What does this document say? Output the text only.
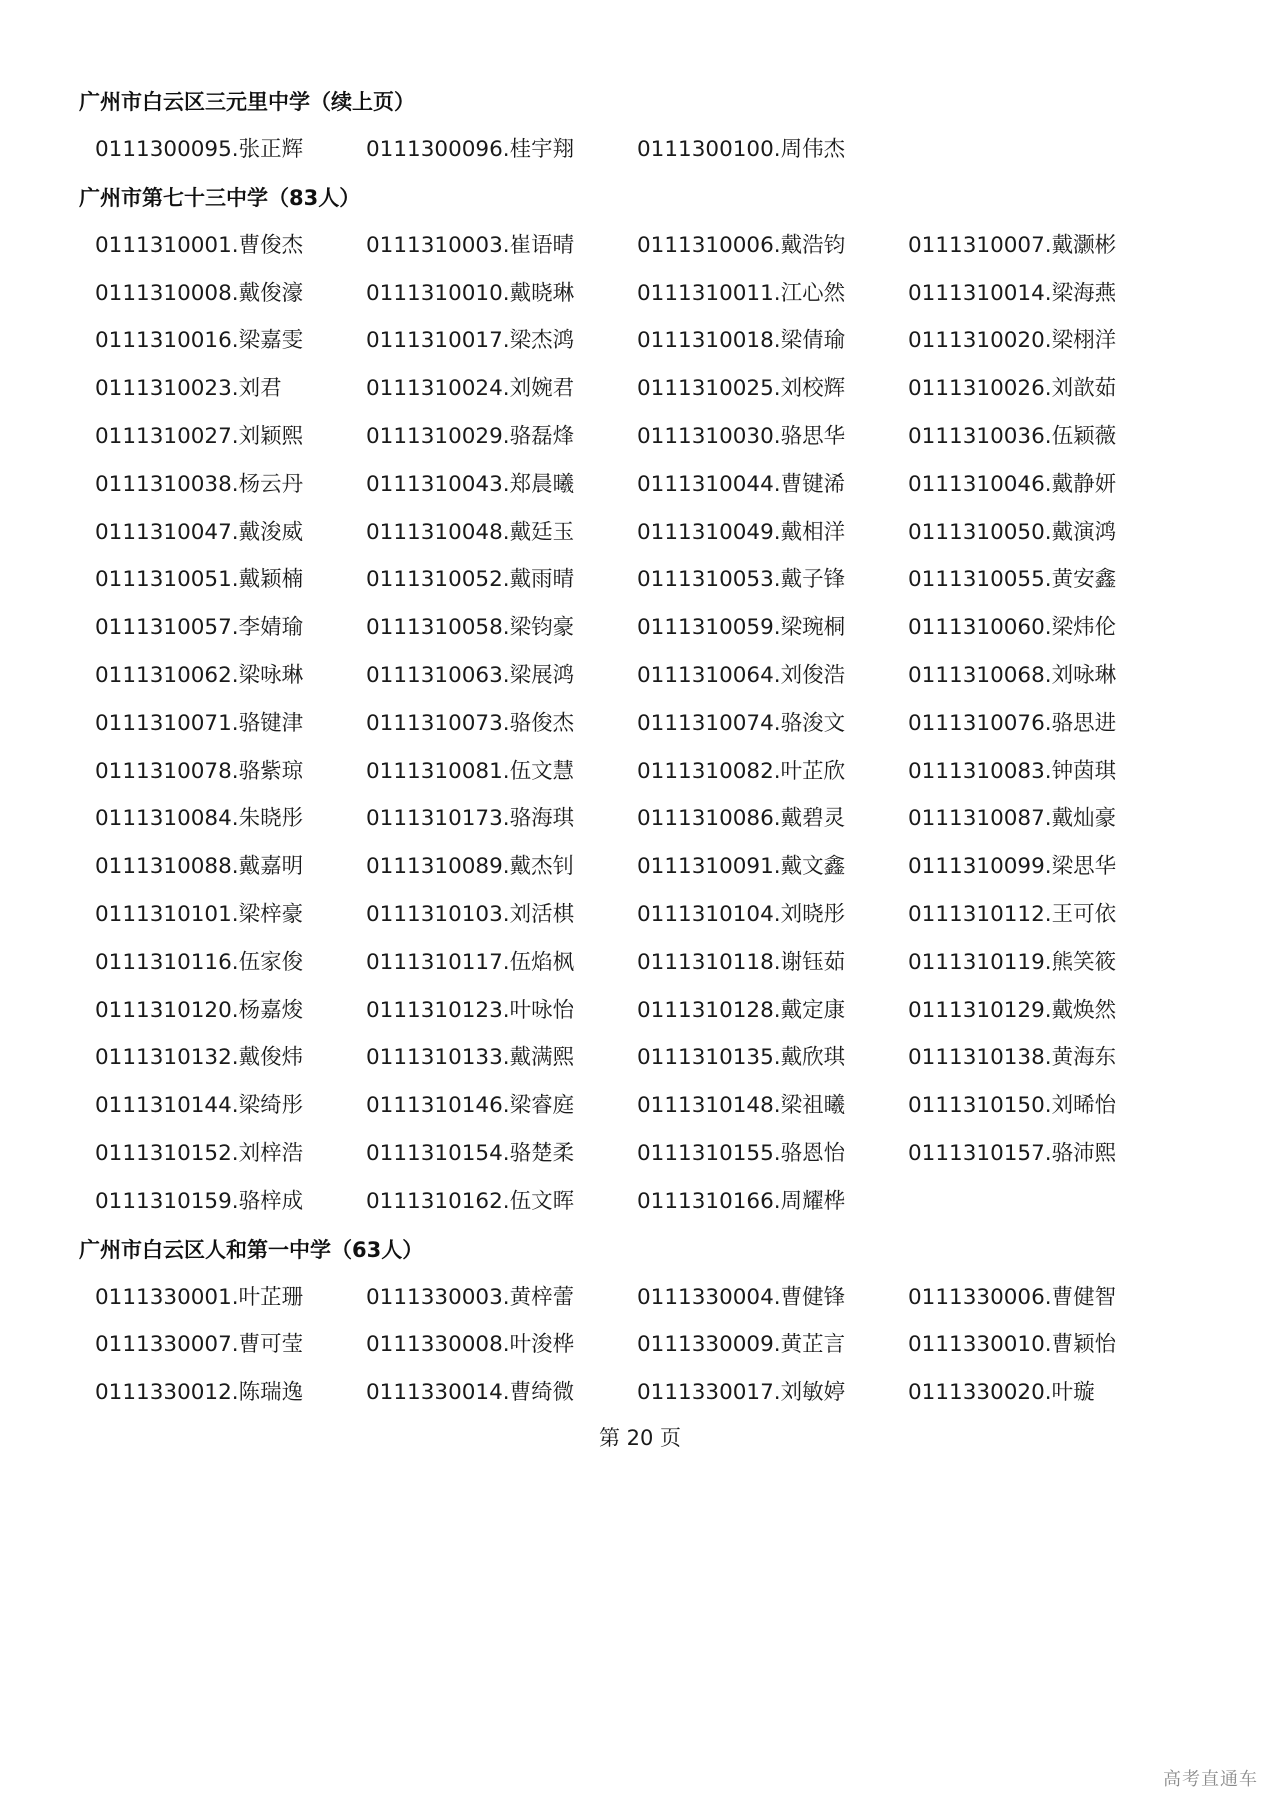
广州市白云区三元里中学（续上页）
0111300095.张正辉	0111300096.桂宇翔	0111300100.周伟杰
广州市第七十三中学（83人）
0111310001.曹俊杰	0111310003.崔语晴	0111310006.戴浩钧	0111310007.戴灏彬
0111310008.戴俊濠	0111310010.戴晓琳	0111310011.江心然	0111310014.梁海燕
0111310016.梁嘉雯	0111310017.梁杰鸿	0111310018.梁倩瑜	0111310020.梁栩洋
0111310023.刘君	0111310024.刘婉君	0111310025.刘校辉	0111310026.刘歆茹
0111310027.刘颖熙	0111310029.骆磊烽	0111310030.骆思华	0111310036.伍颖薇
0111310038.杨云丹	0111310043.郑晨曦	0111310044.曹键浠	0111310046.戴静妍
0111310047.戴浚威	0111310048.戴廷玉	0111310049.戴相洋	0111310050.戴演鸿
0111310051.戴颖楠	0111310052.戴雨晴	0111310053.戴子锋	0111310055.黄安鑫
0111310057.李婧瑜	0111310058.梁钧豪	0111310059.梁琬桐	0111310060.梁炜伦
0111310062.梁咏琳	0111310063.梁展鸿	0111310064.刘俊浩	0111310068.刘咏琳
0111310071.骆键津	0111310073.骆俊杰	0111310074.骆浚文	0111310076.骆思进
0111310078.骆紫琼	0111310081.伍文慧	0111310082.叶芷欣	0111310083.钟茵琪
0111310084.朱晓彤	0111310173.骆海琪	0111310086.戴碧灵	0111310087.戴灿豪
0111310088.戴嘉明	0111310089.戴杰钊	0111310091.戴文鑫	0111310099.梁思华
0111310101.梁梓豪	0111310103.刘活棋	0111310104.刘晓彤	0111310112.王可依
0111310116.伍家俊	0111310117.伍焰枫	0111310118.谢钰茹	0111310119.熊笑筱
0111310120.杨嘉焌	0111310123.叶咏怡	0111310128.戴定康	0111310129.戴焕然
0111310132.戴俊炜	0111310133.戴满熙	0111310135.戴欣琪	0111310138.黄海东
0111310144.梁绮彤	0111310146.梁睿庭	0111310148.梁祖曦	0111310150.刘晞怡
0111310152.刘梓浩	0111310154.骆楚柔	0111310155.骆恩怡	0111310157.骆沛熙
0111310159.骆梓成	0111310162.伍文晖	0111310166.周耀桦
广州市白云区人和第一中学（63人）
0111330001.叶芷珊	0111330003.黄梓蕾	0111330004.曹健锋	0111330006.曹健智
0111330007.曹可莹	0111330008.叶浚桦	0111330009.黄芷言	0111330010.曹颖怡
0111330012.陈瑞逸	0111330014.曹绮微	0111330017.刘敏婷	0111330020.叶璇
第 20 页
高考直通车
